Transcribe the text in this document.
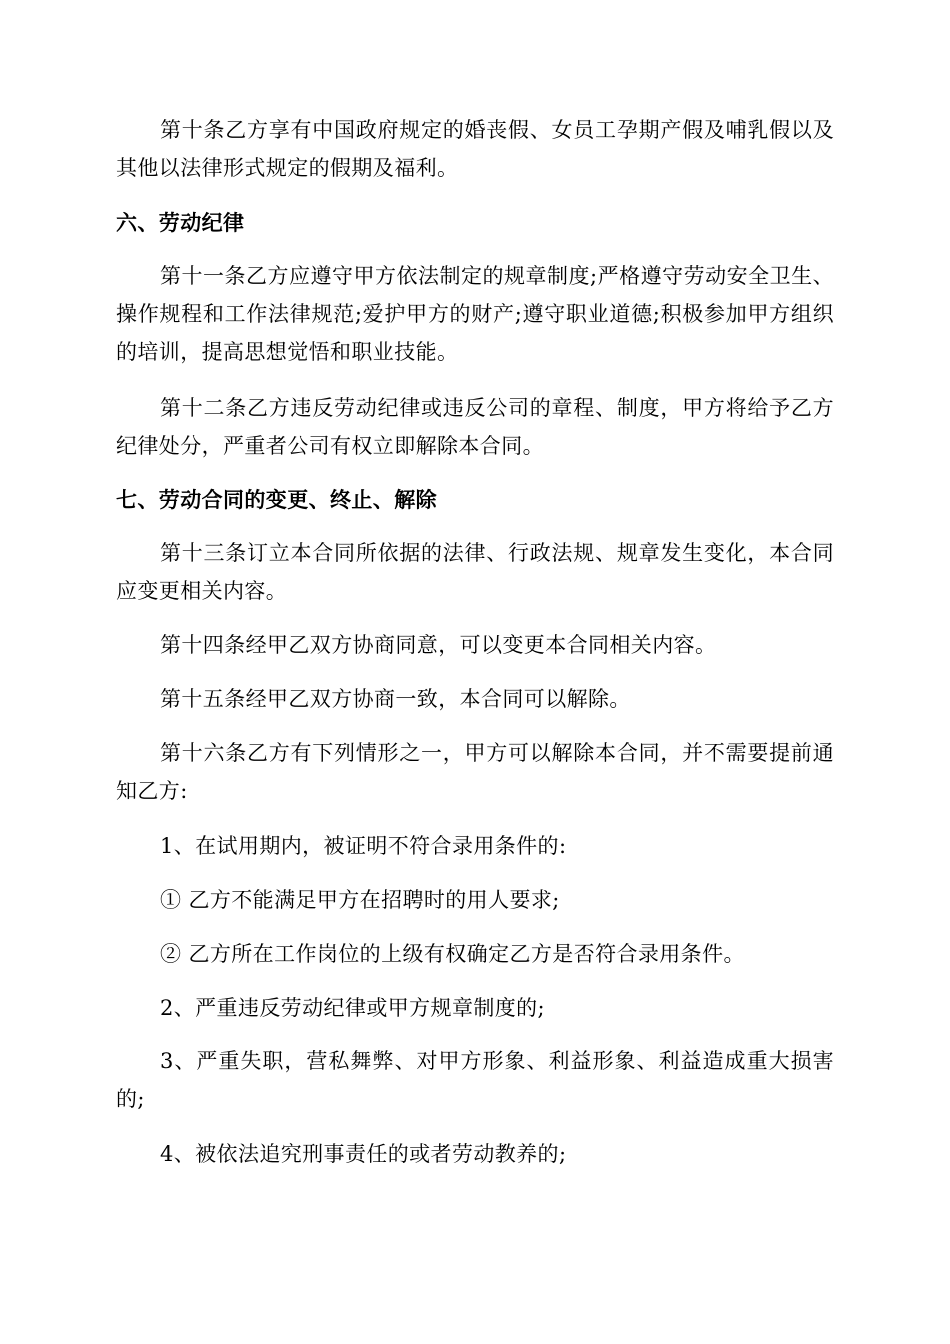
第十条乙方享有中国政府规定的婚丧假、女员工孕期产假及哺乳假以及其他以法律形式规定的假期及福利。

六、劳动纪律

第十一条乙方应遵守甲方依法制定的规章制度;严格遵守劳动安全卫生、操作规程和工作法律规范;爱护甲方的财产;遵守职业道德;积极参加甲方组织的培训，提高思想觉悟和职业技能。

第十二条乙方违反劳动纪律或违反公司的章程、制度，甲方将给予乙方纪律处分，严重者公司有权立即解除本合同。

七、劳动合同的变更、终止、解除

第十三条订立本合同所依据的法律、行政法规、规章发生变化，本合同应变更相关内容。

第十四条经甲乙双方协商同意，可以变更本合同相关内容。

第十五条经甲乙双方协商一致，本合同可以解除。

第十六条乙方有下列情形之一，甲方可以解除本合同，并不需要提前通知乙方:

1、在试用期内，被证明不符合录用条件的:

① 乙方不能满足甲方在招聘时的用人要求;

② 乙方所在工作岗位的上级有权确定乙方是否符合录用条件。

2、严重违反劳动纪律或甲方规章制度的;

3、严重失职，营私舞弊、对甲方形象、利益形象、利益造成重大损害的;

4、被依法追究刑事责任的或者劳动教养的;
